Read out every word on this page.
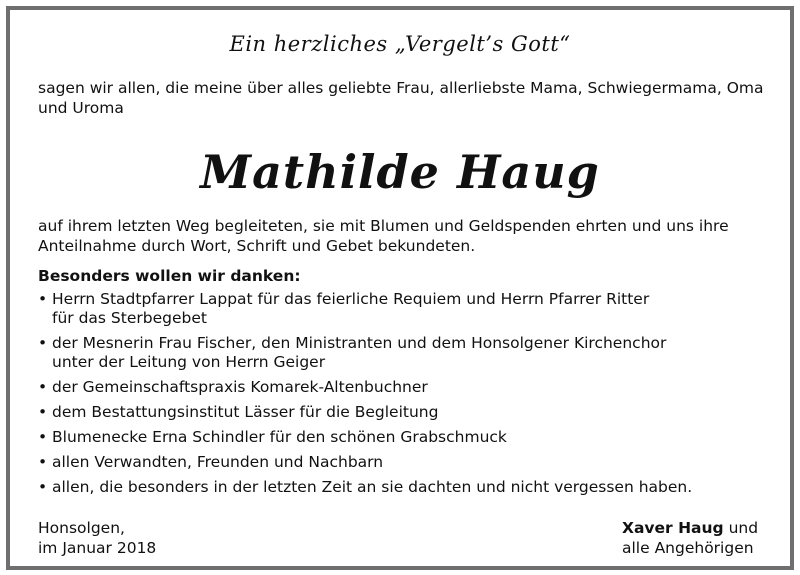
Ein herzliches „Vergelt’s Gott“

sagen wir allen, die meine über alles geliebte Frau, allerliebste Mama, Schwiegermama, Oma und Uroma

Mathilde Haug

auf ihrem letzten Weg begleiteten, sie mit Blumen und Geldspenden ehrten und uns ihre Anteilnahme durch Wort, Schrift und Gebet bekundeten.

Besonders wollen wir danken:

• Herrn Stadtpfarrer Lappat für das feierliche Requiem und Herrn Pfarrer Ritter
für das Sterbegebet
• der Mesnerin Frau Fischer, den Ministranten und dem Honsolgener Kirchenchor
unter der Leitung von Herrn Geiger
• der Gemeinschaftspraxis Komarek-Altenbuchner
• dem Bestattungsinstitut Lässer für die Begleitung
• Blumenecke Erna Schindler für den schönen Grabschmuck
• allen Verwandten, Freunden und Nachbarn
• allen, die besonders in der letzten Zeit an sie dachten und nicht vergessen haben.
Honsolgen,
im Januar 2018
Xaver Haug und
alle Angehörigen
